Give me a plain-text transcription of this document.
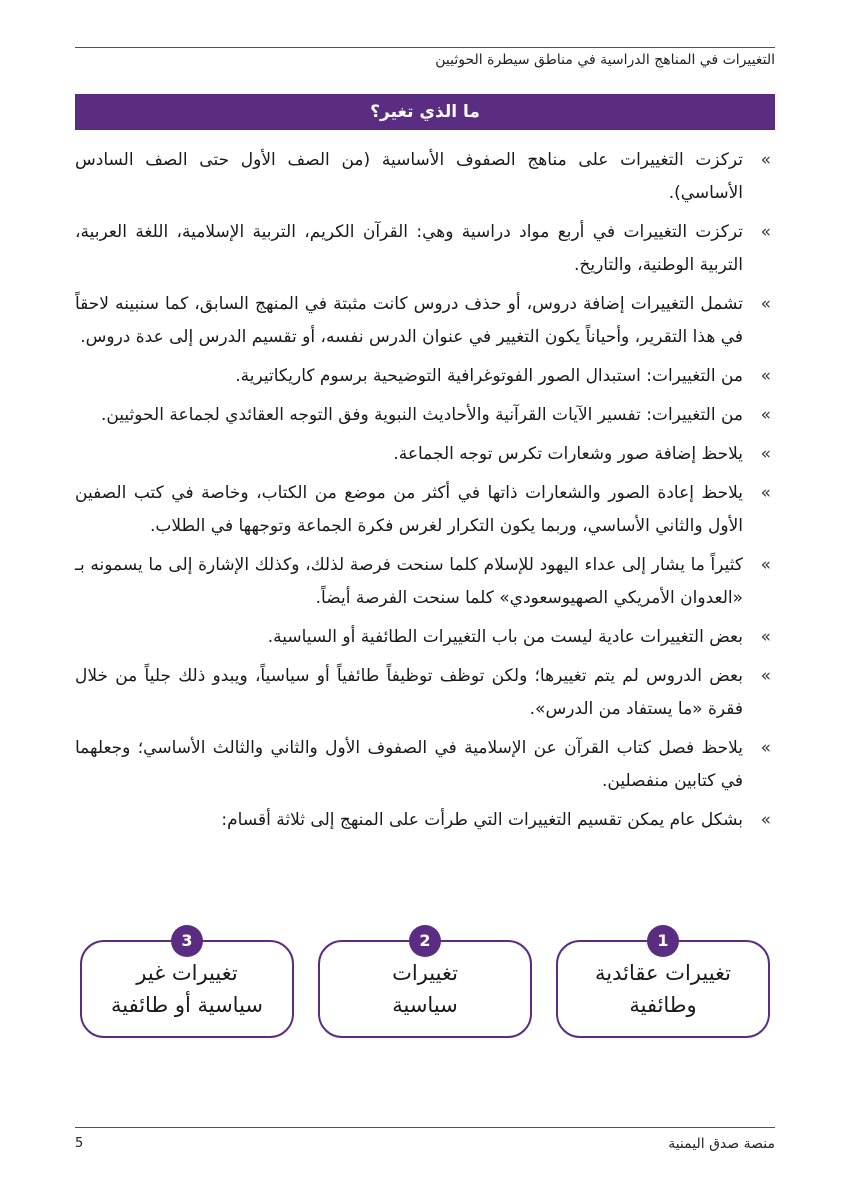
التغييرات في المناهج الدراسية في مناطق سيطرة الحوثيين
ما الذي تغير؟
»
تركزت التغييرات على مناهج الصفوف الأساسية (من الصف الأول حتى الصف السادس الأساسي).
»
تركزت التغييرات في أربع مواد دراسية وهي: القرآن الكريم، التربية الإسلامية، اللغة العربية، التربية الوطنية، والتاريخ.
»
تشمل التغييرات إضافة دروس، أو حذف دروس كانت مثبتة في المنهج السابق، كما سنبينه لاحقاً في هذا التقرير، وأحياناً يكون التغيير في عنوان الدرس نفسه، أو تقسيم الدرس إلى عدة دروس.
»
من التغييرات: استبدال الصور الفوتوغرافية التوضيحية برسوم كاريكاتيرية.
»
من التغييرات: تفسير الآيات القرآنية والأحاديث النبوية وفق التوجه العقائدي لجماعة الحوثيين.
»
يلاحظ إضافة صور وشعارات تكرس توجه الجماعة.
»
يلاحظ إعادة الصور والشعارات ذاتها في أكثر من موضع من الكتاب، وخاصة في كتب الصفين الأول والثاني الأساسي، وربما يكون التكرار لغرس فكرة الجماعة وتوجهها في الطلاب.
»
كثيراً ما يشار إلى عداء اليهود للإسلام كلما سنحت فرصة لذلك، وكذلك الإشارة إلى ما يسمونه بـ «العدوان الأمريكي الصهيوسعودي» كلما سنحت الفرصة أيضاً.
»
بعض التغييرات عادية ليست من باب التغييرات الطائفية أو السياسية.
»
بعض الدروس لم يتم تغييرها؛ ولكن توظف توظيفاً طائفياً أو سياسياً، ويبدو ذلك جلياً من خلال فقرة «ما يستفاد من الدرس».
»
يلاحظ فصل كتاب القرآن عن الإسلامية في الصفوف الأول والثاني والثالث الأساسي؛ وجعلهما في كتابين منفصلين.
»
بشكل عام يمكن تقسيم التغييرات التي طرأت على المنهج إلى ثلاثة أقسام:
1
تغييرات عقائدية
وطائفية
2
تغييرات
سياسية
3
تغييرات غير
سياسية أو طائفية
منصة صدق اليمنية
5
